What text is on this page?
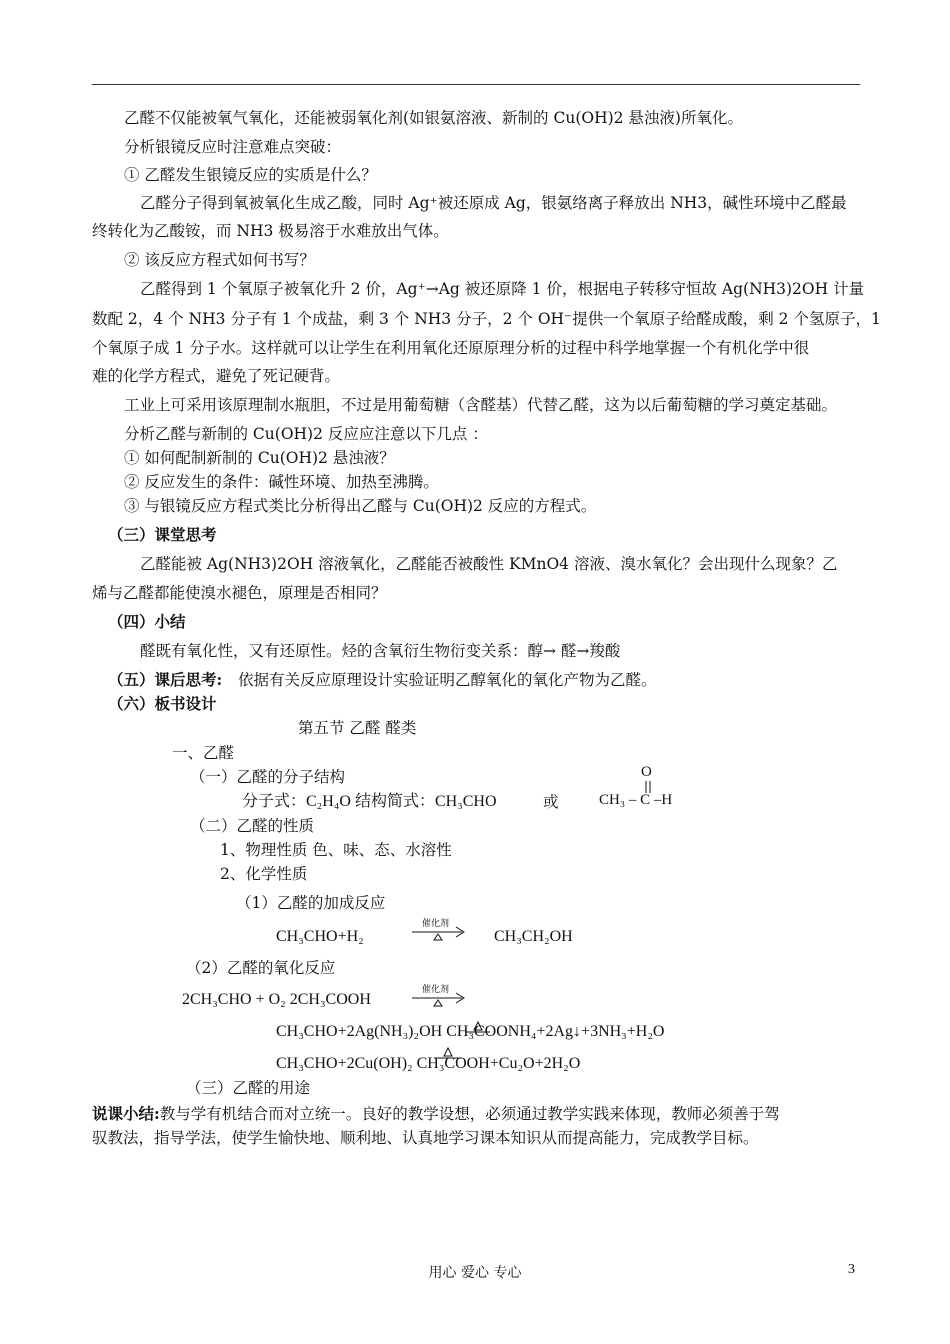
乙醛不仅能被氧气氧化，还能被弱氧化剂(如银氨溶液、新制的 Cu(OH)2 悬浊液)所氧化。
分析银镜反应时注意难点突破：
① 乙醛发生银镜反应的实质是什么？
乙醛分子得到氧被氧化生成乙酸，同时 Ag⁺被还原成 Ag，银氨络离子释放出 NH3，碱性环境中乙醛最
终转化为乙酸铵，而 NH3 极易溶于水难放出气体。
② 该反应方程式如何书写？
乙醛得到 1 个氧原子被氧化升 2 价，Ag⁺→Ag 被还原降 1 价，根据电子转移守恒故 Ag(NH3)2OH 计量
数配 2，4 个 NH3 分子有 1 个成盐，剩 3 个 NH3 分子，2 个 OH⁻提供一个氧原子给醛成酸，剩 2 个氢原子，1
个氧原子成 1 分子水。这样就可以让学生在利用氧化还原原理分析的过程中科学地掌握一个有机化学中很
难的化学方程式，避免了死记硬背。
工业上可采用该原理制水瓶胆，不过是用葡萄糖（含醛基）代替乙醛，这为以后葡萄糖的学习奠定基础。
分析乙醛与新制的 Cu(OH)2 反应应注意以下几点 ：
① 如何配制新制的 Cu(OH)2 悬浊液？
② 反应发生的条件：碱性环境、加热至沸腾。
③ 与银镜反应方程式类比分析得出乙醛与 Cu(OH)2 反应的方程式。
（三）课堂思考
乙醛能被 Ag(NH3)2OH 溶液氧化，乙醛能否被酸性 KMnO4 溶液、溴水氧化？会出现什么现象？乙
烯与乙醛都能使溴水褪色，原理是否相同？
（四）小结
醛既有氧化性，又有还原性。烃的含氧衍生物衍变关系：醇→ 醛→羧酸
（五）课后思考: 依据有关反应原理设计实验证明乙醇氧化的氧化产物为乙醛。
（六）板书设计
第五节 乙醛 醛类
一、乙醛
（一）乙醛的分子结构
分子式：C₂H₄O 结构简式：CH₃CHO	或
O
CH₃ – C –H
（二）乙醛的性质
1、物理性质 色、味、态、水溶性
2、化学性质
（1）乙醛的加成反应
CH₃CHO+H₂
催化剂
CH₃CH₂OH
（2）乙醛的氧化反应
2CH₃CHO + O₂ 2CH₃COOH
催化剂
CH₃CHO+2Ag(NH₃)₂OH CH₃COONH₄+2Ag↓+3NH₃+H₂O
CH₃CHO+2Cu(OH)₂ CH₃COOH+Cu₂O+2H₂O
（三）乙醛的用途
说课小结:教与学有机结合而对立统一。良好的教学设想，必须通过教学实践来体现，教师必须善于驾
驭教法，指导学法，使学生愉快地、顺利地、认真地学习课本知识从而提高能力，完成教学目标。
用心 爱心 专心	3
